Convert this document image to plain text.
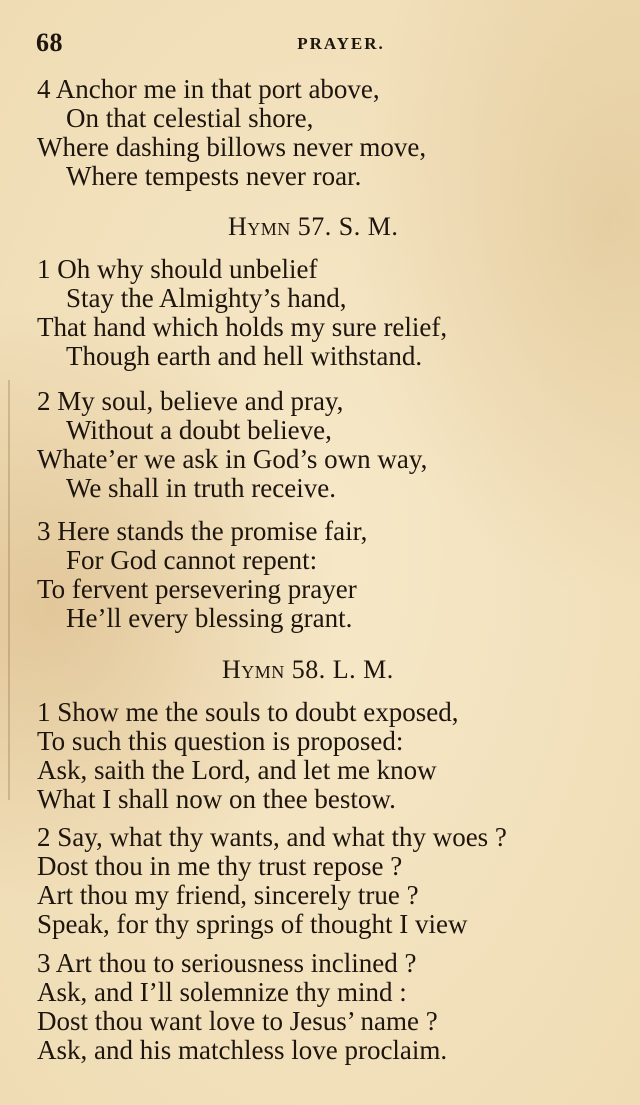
68	PRAYER.
4 Anchor me in that port above,
On that celestial shore,
Where dashing billows never move,
Where tempests never roar.
Hymn 57. S. M.
1 Oh why should unbelief
Stay the Almighty’s hand,
That hand which holds my sure relief,
Though earth and hell withstand.
2 My soul, believe and pray,
Without a doubt believe,
Whate’er we ask in God’s own way,
We shall in truth receive.
3 Here stands the promise fair,
For God cannot repent:
To fervent persevering prayer
He’ll every blessing grant.
Hymn 58. L. M.
1 Show me the souls to doubt exposed,
To such this question is proposed:
Ask, saith the Lord, and let me know
What I shall now on thee bestow.
2 Say, what thy wants, and what thy woes ?
Dost thou in me thy trust repose ?
Art thou my friend, sincerely true ?
Speak, for thy springs of thought I view
3 Art thou to seriousness inclined ?
Ask, and I’ll solemnize thy mind :
Dost thou want love to Jesus’ name ?
Ask, and his matchless love proclaim.
